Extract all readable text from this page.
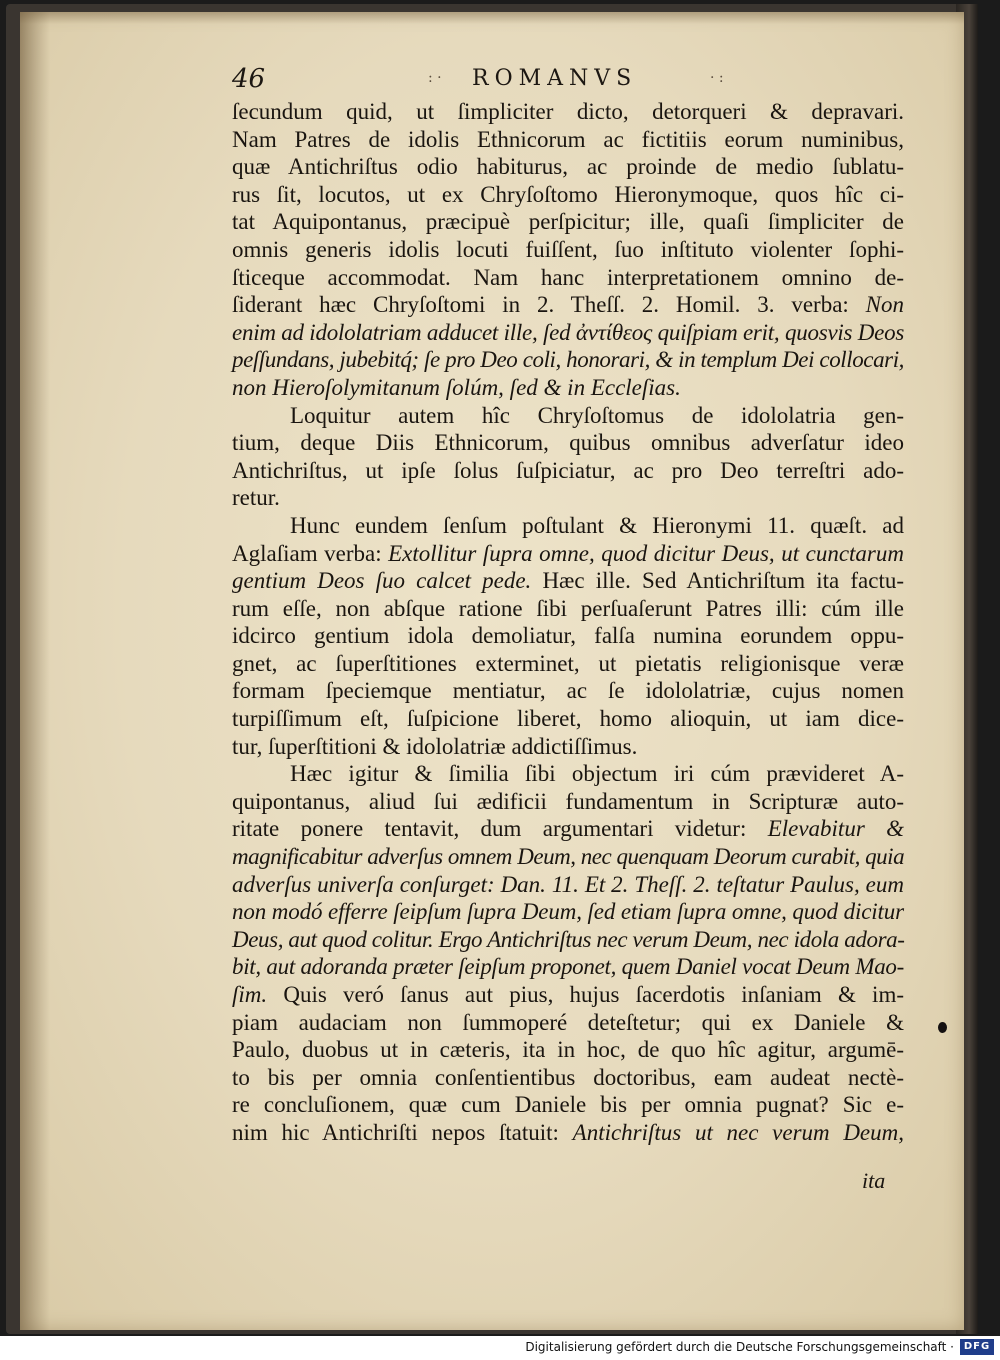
46	: · ROMANVS	· :
ſecundum quid, ut ſimpliciter dicto, detorqueri & depravari.
Nam Patres de idolis Ethnicorum ac fictitiis eorum numinibus,
quæ Antichriſtus odio habiturus, ac proinde de medio ſublatu-
rus ſit, locutos, ut ex Chryſoſtomo Hieronymoque, quos hîc ci-
tat Aquipontanus, præcipuè perſpicitur; ille, quaſi ſimpliciter de
omnis generis idolis locuti fuiſſent, ſuo inſtituto violenter ſophi-
ſticeque accommodat. Nam hanc interpretationem omnino de-
ſiderant hæc Chryſoſtomi in 2. Theſſ. 2. Homil. 3. verba: Non
enim ad idololatriam adducet ille, ſed ἀντίθεος quiſpiam erit, quosvis Deos
peſſundans, jubebitq́; ſe pro Deo coli, honorari, & in templum Dei collocari,
non Hieroſolymitanum ſolúm, ſed & in Eccleſias.
Loquitur autem hîc Chryſoſtomus de idololatria gen-
tium, deque Diis Ethnicorum, quibus omnibus adverſatur ideo
Antichriſtus, ut ipſe ſolus ſuſpiciatur, ac pro Deo terreſtri ado-
retur.
Hunc eundem ſenſum poſtulant & Hieronymi 11. quæſt. ad
Aglaſiam verba: Extollitur ſupra omne, quod dicitur Deus, ut cunctarum
gentium Deos ſuo calcet pede. Hæc ille. Sed Antichriſtum ita factu-
rum eſſe, non abſque ratione ſibi perſuaſerunt Patres illi: cúm ille
idcirco gentium idola demoliatur, falſa numina eorundem oppu-
gnet, ac ſuperſtitiones exterminet, ut pietatis religionisque veræ
formam ſpeciemque mentiatur, ac ſe idololatriæ, cujus nomen
turpiſſimum eſt, ſuſpicione liberet, homo alioquin, ut iam dice-
tur, ſuperſtitioni & idololatriæ addictiſſimus.
Hæc igitur & ſimilia ſibi objectum iri cúm prævideret A-
quipontanus, aliud ſui ædificii fundamentum in Scripturæ auto-
ritate ponere tentavit, dum argumentari videtur: Elevabitur &
magnificabitur adverſus omnem Deum, nec quenquam Deorum curabit, quia
adverſus univerſa conſurget: Dan. 11. Et 2. Theſſ. 2. teſtatur Paulus, eum
non modó efferre ſeipſum ſupra Deum, ſed etiam ſupra omne, quod dicitur
Deus, aut quod colitur. Ergo Antichriſtus nec verum Deum, nec idola adora-
bit, aut adoranda præter ſeipſum proponet, quem Daniel vocat Deum Mao-
ſim. Quis veró ſanus aut pius, hujus ſacerdotis inſaniam & im-
piam audaciam non ſummoperé deteſtetur; qui ex Daniele &
Paulo, duobus ut in cæteris, ita in hoc, de quo hîc agitur, argumē-
to bis per omnia conſentientibus doctoribus, eam audeat nectè-
re concluſionem, quæ cum Daniele bis per omnia pugnat? Sic e-
nim hic Antichriſti nepos ſtatuit: Antichriſtus ut nec verum Deum,
ita
Digitalisierung gefördert durch die Deutsche Forschungsgemeinschaft · DFG
